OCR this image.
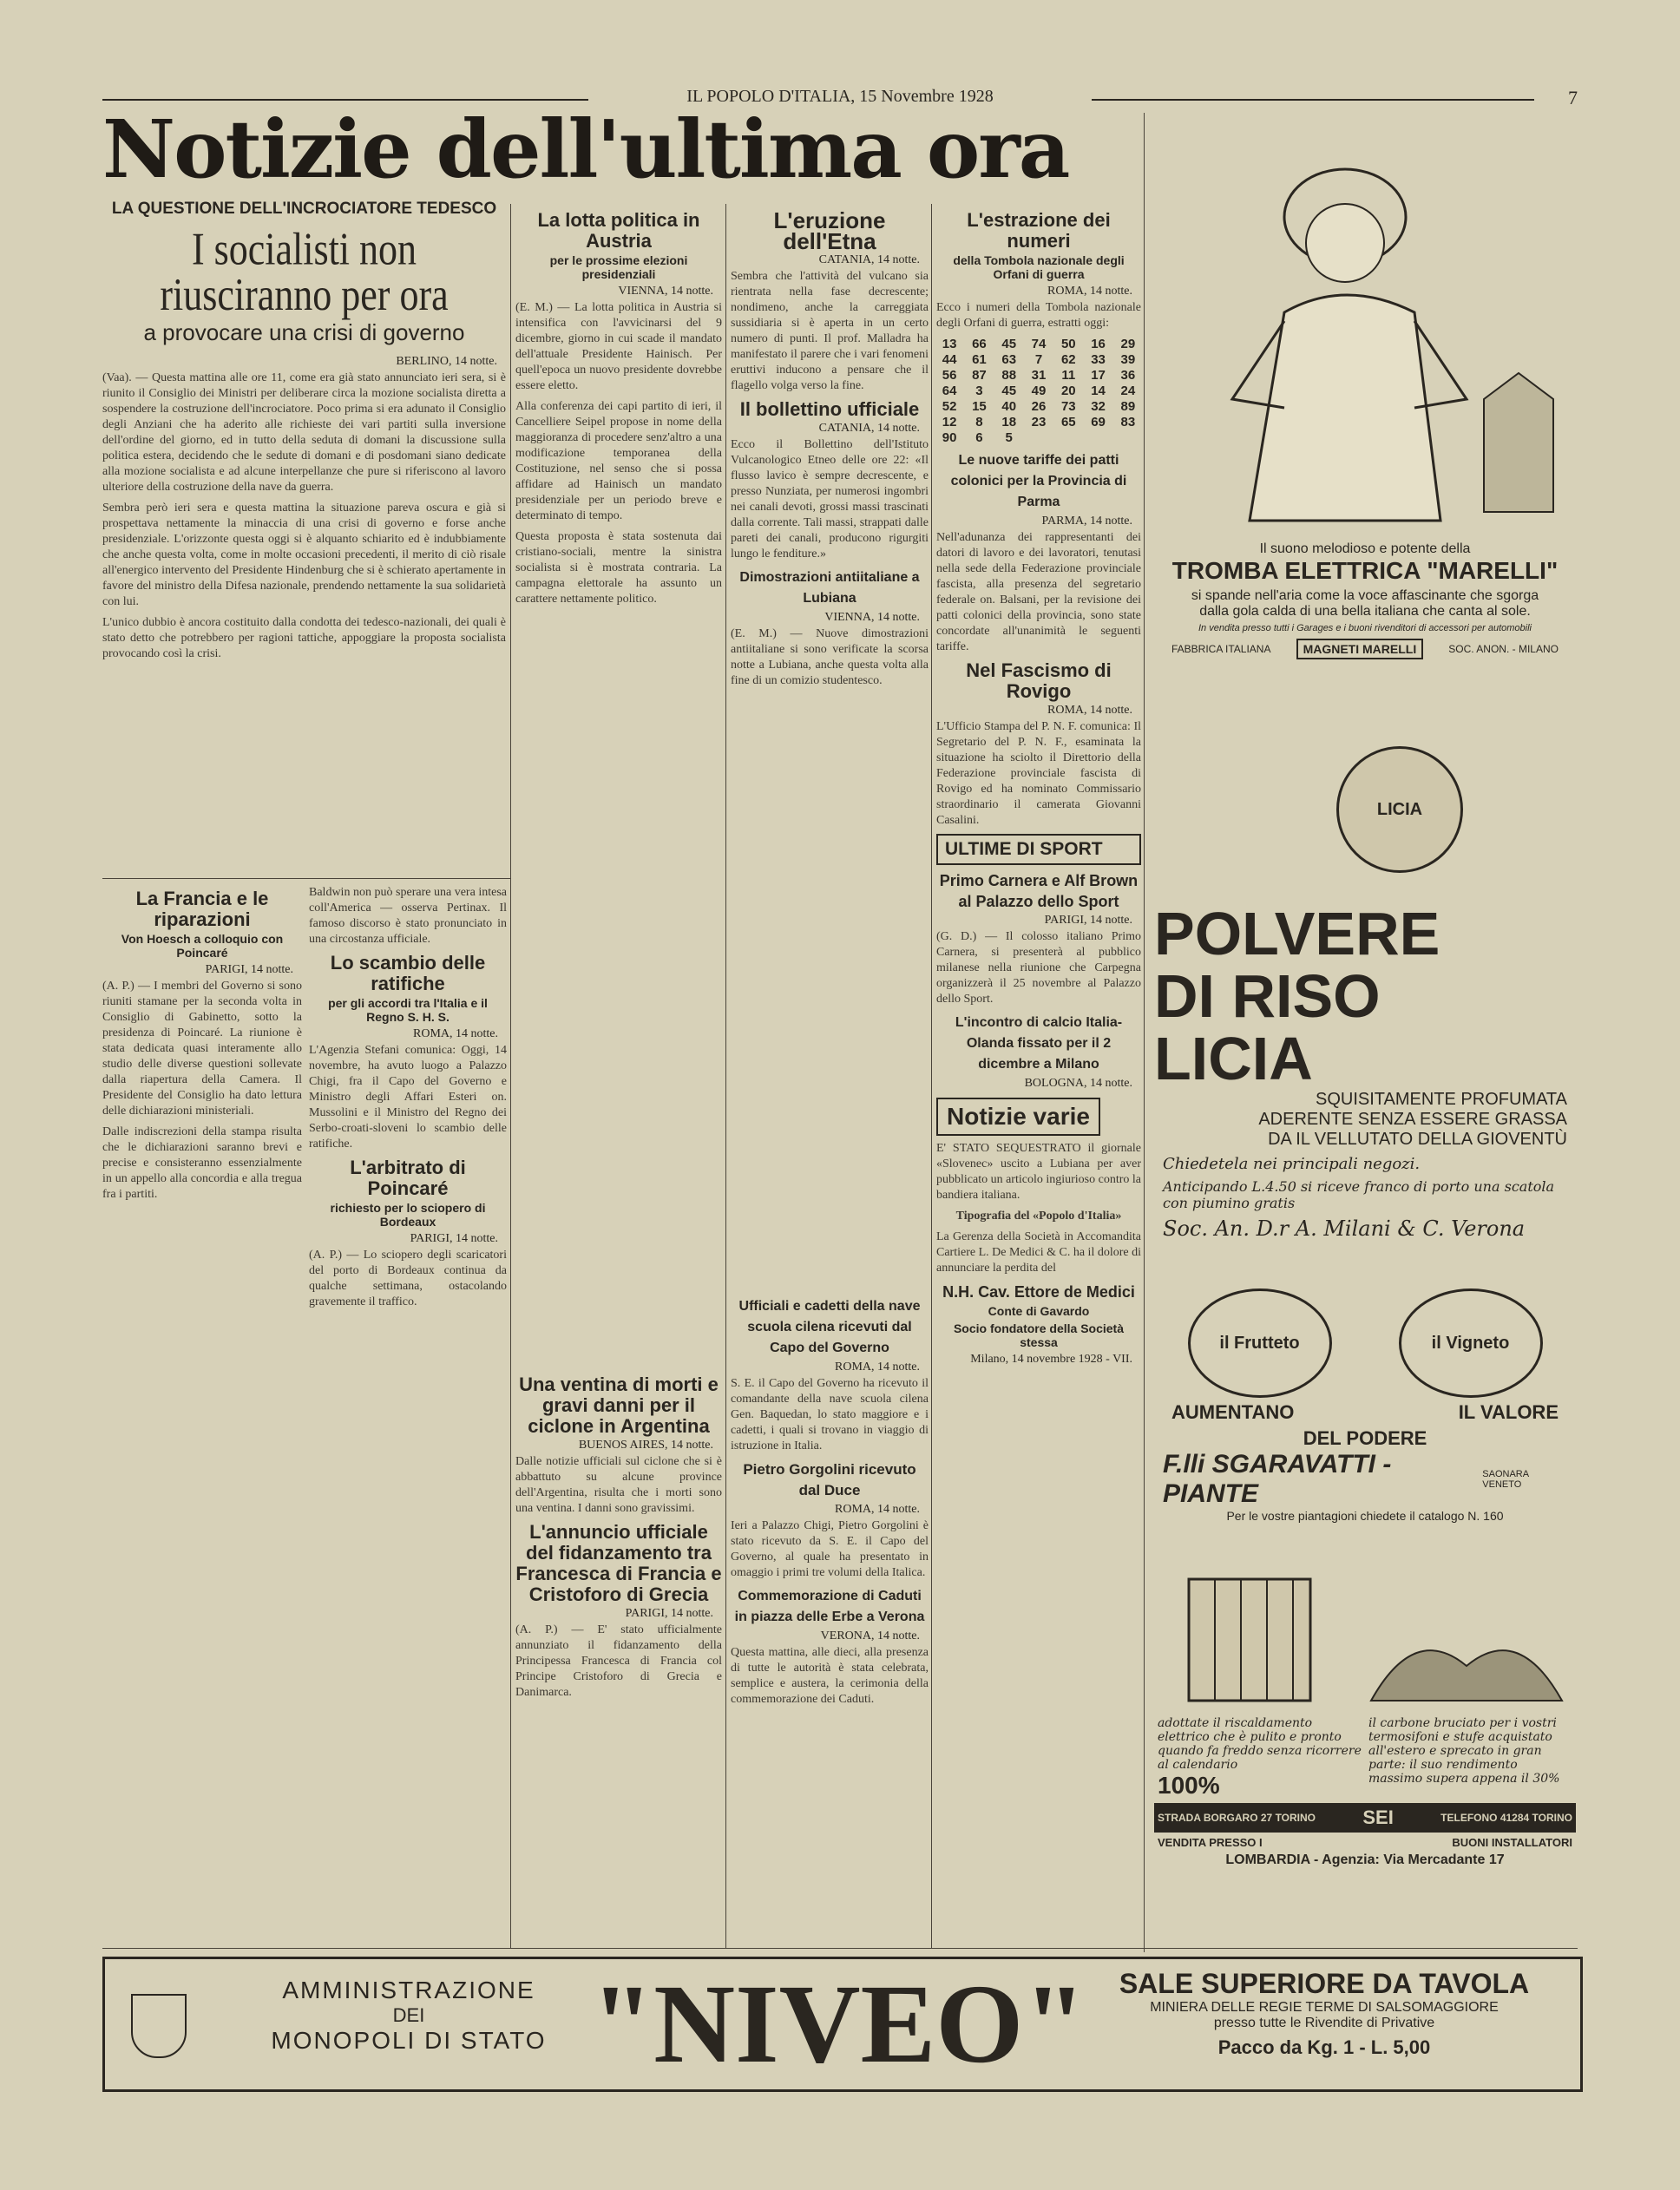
IL POPOLO D'ITALIA, 15 Novembre 1928	7
Notizie dell'ultima ora
LA QUESTIONE DELL'INCROCIATORE TEDESCO
I socialisti non riusciranno per ora
a provocare una crisi di governo
BERLINO, 14 notte.

(Vaa). — Questa mattina alle ore 11, come era già stato annunciato ieri sera, si è riunito il Consiglio dei Ministri per deliberare circa la mozione socialista diretta a sospendere la costruzione dell'incrociatore. Poco prima si era adunato il Consiglio degli Anziani che ha aderito alle richieste dei vari partiti sulla inversione dell'ordine del giorno, ed in tutto della seduta di domani la discussione sulla politica estera, decidendo che le sedute di domani e di posdomani siano dedicate alla mozione socialista e ad alcune interpellanze che pure si riferiscono al lavoro ulteriore della costruzione della nave da guerra.

Sembra però ieri sera e questa mattina la situazione pareva oscura e già si prospettava nettamente la minaccia di una crisi di governo e forse anche presidenziale. L'orizzonte questa oggi si è alquanto schiarito ed è indubbiamente che anche questa volta, come in molte occasioni precedenti, il merito di ciò risale all'energico intervento del Presidente Hindenburg che si è schierato apertamente in favore del ministro della Difesa nazionale, prendendo nettamente la sua solidarietà con lui.

L'unico dubbio è ancora costituito dalla condotta dei tedesco-nazionali, dei quali è stato detto che potrebbero per ragioni tattiche, appoggiare la proposta socialista provocando così la crisi.

La Francia e le riparazioni
Von Hoesch a colloquio con Poincaré
PARIGI, 14 notte.

(A. P.) — I membri del Governo si sono riuniti stamane per la seconda volta in Consiglio di Gabinetto, sotto la presidenza di Poincaré. La riunione è stata dedicata quasi interamente allo studio delle diverse questioni sollevate dalla riapertura della Camera. Il Presidente del Consiglio ha dato lettura delle dichiarazioni ministeriali.

Dalle indiscrezioni della stampa risulta che le dichiarazioni saranno brevi e precise e consisteranno essenzialmente in un appello alla concordia e alla tregua fra i partiti.

Baldwin non può sperare una vera intesa coll'America — osserva Pertinax. Il famoso discorso è stato pronunciato in una circostanza ufficiale.

Lo scambio delle ratifiche
per gli accordi tra l'Italia e il Regno S. H. S.
ROMA, 14 notte.

L'Agenzia Stefani comunica: Oggi, 14 novembre, ha avuto luogo a Palazzo Chigi, fra il Capo del Governo e Ministro degli Affari Esteri on. Mussolini e il Ministro del Regno dei Serbo-croati-sloveni lo scambio delle ratifiche.

L'arbitrato di Poincaré
richiesto per lo sciopero di Bordeaux
PARIGI, 14 notte.

(A. P.) — Lo sciopero degli scaricatori del porto di Bordeaux continua da qualche settimana, ostacolando gravemente il traffico.

La lotta politica in Austria
per le prossime elezioni presidenziali
VIENNA, 14 notte.

(E. M.) — La lotta politica in Austria si intensifica con l'avvicinarsi del 9 dicembre, giorno in cui scade il mandato dell'attuale Presidente Hainisch. Per quell'epoca un nuovo presidente dovrebbe essere eletto.

Alla conferenza dei capi partito di ieri, il Cancelliere Seipel propose in nome della maggioranza di procedere senz'altro a una modificazione temporanea della Costituzione, nel senso che si possa affidare ad Hainisch un mandato presidenziale per un periodo breve e determinato di tempo.

Questa proposta è stata sostenuta dai cristiano-sociali, mentre la sinistra socialista si è mostrata contraria. La campagna elettorale ha assunto un carattere nettamente politico.

Una ventina di morti e gravi danni per il ciclone in Argentina
BUENOS AIRES, 14 notte.

Dalle notizie ufficiali sul ciclone che si è abbattuto su alcune province dell'Argentina, risulta che i morti sono una ventina. I danni sono gravissimi.

L'annuncio ufficiale del fidanzamento tra Francesca di Francia e Cristoforo di Grecia
PARIGI, 14 notte.

(A. P.) — E' stato ufficialmente annunziato il fidanzamento della Principessa Francesca di Francia col Principe Cristoforo di Grecia e Danimarca.

L'eruzione dell'Etna
CATANIA, 14 notte.

Sembra che l'attività del vulcano sia rientrata nella fase decrescente; nondimeno, anche la carreggiata sussidiaria si è aperta in un certo numero di punti. Il prof. Malladra ha manifestato il parere che i vari fenomeni eruttivi inducono a pensare che il flagello volga verso la fine.

Il bollettino ufficiale
CATANIA, 14 notte.

Ecco il Bollettino dell'Istituto Vulcanologico Etneo delle ore 22: «Il flusso lavico è sempre decrescente, e presso Nunziata, per numerosi ingombri nei canali devoti, grossi massi trascinati dalla corrente. Tali massi, strappati dalle pareti dei canali, producono rigurgiti lungo le fenditure.»

Dimostrazioni antiitaliane a Lubiana
VIENNA, 14 notte.

(E. M.) — Nuove dimostrazioni antiitaliane si sono verificate la scorsa notte a Lubiana, anche questa volta alla fine di un comizio studentesco.

Ufficiali e cadetti della nave scuola cilena ricevuti dal Capo del Governo
ROMA, 14 notte.

S. E. il Capo del Governo ha ricevuto il comandante della nave scuola cilena Gen. Baquedan, lo stato maggiore e i cadetti, i quali si trovano in viaggio di istruzione in Italia.

Pietro Gorgolini ricevuto dal Duce
ROMA, 14 notte.

Ieri a Palazzo Chigi, Pietro Gorgolini è stato ricevuto da S. E. il Capo del Governo, al quale ha presentato in omaggio i primi tre volumi della Italica.

Commemorazione di Caduti in piazza delle Erbe a Verona
VERONA, 14 notte.

Questa mattina, alle dieci, alla presenza di tutte le autorità è stata celebrata, semplice e austera, la cerimonia della commemorazione dei Caduti.

L'estrazione dei numeri
della Tombola nazionale degli Orfani di guerra
ROMA, 14 notte.

Ecco i numeri della Tombola nazionale degli Orfani di guerra, estratti oggi:

13	66	45	74	50	16	29
44	61	63	7	62	33	39
56	87	88	31	11	17	36
64	3	45	49	20	14	24
52	15	40	26	73	32	89
12	8	18	23	65	69	83
90	6	5
Le nuove tariffe dei patti colonici per la Provincia di Parma
PARMA, 14 notte.

Nell'adunanza dei rappresentanti dei datori di lavoro e dei lavoratori, tenutasi nella sede della Federazione provinciale fascista, alla presenza del segretario federale on. Balsani, per la revisione dei patti colonici della provincia, sono state concordate all'unanimità le seguenti tariffe.

Nel Fascismo di Rovigo
ROMA, 14 notte.

L'Ufficio Stampa del P. N. F. comunica: Il Segretario del P. N. F., esaminata la situazione ha sciolto il Direttorio della Federazione provinciale fascista di Rovigo ed ha nominato Commissario straordinario il camerata Giovanni Casalini.

ULTIME DI SPORT
Primo Carnera e Alf Brown al Palazzo dello Sport
PARIGI, 14 notte.

(G. D.) — Il colosso italiano Primo Carnera, si presenterà al pubblico milanese nella riunione che Carpegna organizzerà il 25 novembre al Palazzo dello Sport.

L'incontro di calcio Italia-Olanda fissato per il 2 dicembre a Milano
BOLOGNA, 14 notte.
Notizie varie

E' STATO SEQUESTRATO il giornale «Slovenec» uscito a Lubiana per aver pubblicato un articolo ingiurioso contro la bandiera italiana.

Tipografia del «Popolo d'Italia»

La Gerenza della Società in Accomandita Cartiere L. De Medici & C. ha il dolore di annunciare la perdita del

N.H. Cav. Ettore de Medici
Conte di Gavardo
Socio fondatore della Società stessa
Milano, 14 novembre 1928 - VII.
Il suono melodioso e potente della
TROMBA ELETTRICA "MARELLI"
si spande nell'aria come la voce affascinante che sgorga dalla gola calda di una bella italiana che canta al sole.
In vendita presso tutti i Garages e i buoni rivenditori di accessori per automobili
FABBRICA ITALIANA	MAGNETI MARELLI	SOC. ANON. - MILANO
LICIA
POLVERE
DI RISO
LICIA
SQUISITAMENTE PROFUMATA
ADERENTE SENZA ESSERE GRASSA
DA IL VELLUTATO DELLA GIOVENTÙ
Chiedetela nei principali negozi.
Anticipando L.4.50 si riceve franco di porto una scatola con piumino gratis
Soc. An. D.r A. Milani & C. Verona
il Frutteto	il Vigneto
AUMENTANO	IL VALORE
DEL PODERE
F.lli SGARAVATTI - PIANTE
SAONARA VENETO
Per le vostre piantagioni chiedete il catalogo N. 160
adottate il riscaldamento elettrico che è pulito e pronto quando fa freddo senza ricorrere al calendario
100%
il carbone bruciato per i vostri termosifoni e stufe acquistato all'estero e sprecato in gran parte: il suo rendimento massimo supera appena il 30%
STRADA BORGARO 27 TORINO SEI	TELEFONO 41284 TORINO
VENDITA PRESSO I	BUONI INSTALLATORI
LOMBARDIA - Agenzia: Via Mercadante 17
AMMINISTRAZIONE
DEI
MONOPOLI DI STATO "NIVEO"	SALE SUPERIORE DA TAVOLA
MINIERA DELLE REGIE TERME DI SALSOMAGGIORE
presso tutte le Rivendite di Privative
Pacco da Kg. 1 - L. 5,00
